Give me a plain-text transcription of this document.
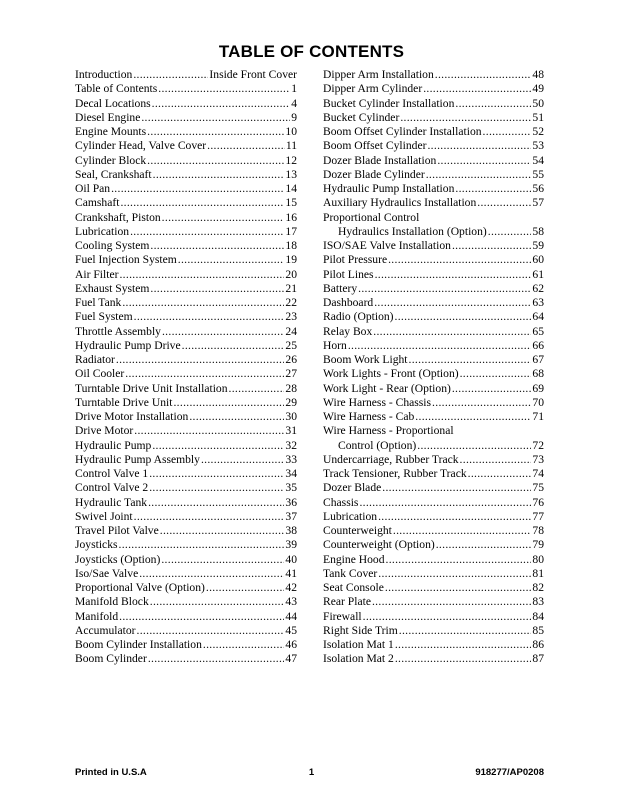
TABLE OF CONTENTS
Introduction .....	Inside Front Cover
Table of Contents .....	1
Decal Locations .....	4
Diesel Engine .....	9
Engine Mounts .....	10
Cylinder Head, Valve Cover .....	11
Cylinder Block .....	12
Seal, Crankshaft .....	13
Oil Pan .....	14
Camshaft .....	15
Crankshaft, Piston .....	16
Lubrication .....	17
Cooling System .....	18
Fuel Injection System .....	19
Air Filter .....	20
Exhaust System .....	21
Fuel Tank .....	22
Fuel System .....	23
Throttle Assembly .....	24
Hydraulic Pump Drive .....	25
Radiator .....	26
Oil Cooler .....	27
Turntable Drive Unit Installation .....	28
Turntable Drive Unit .....	29
Drive Motor Installation .....	30
Drive Motor .....	31
Hydraulic Pump .....	32
Hydraulic Pump Assembly .....	33
Control Valve 1 .....	34
Control Valve 2 .....	35
Hydraulic Tank .....	36
Swivel Joint .....	37
Travel Pilot Valve .....	38
Joysticks .....	39
Joysticks (Option) .....	40
Iso/Sae Valve .....	41
Proportional Valve (Option) .....	42
Manifold Block .....	43
Manifold .....	44
Accumulator .....	45
Boom Cylinder Installation .....	46
Boom Cylinder .....	47
Dipper Arm Installation .....	48
Dipper Arm Cylinder .....	49
Bucket Cylinder Installation .....	50
Bucket Cylinder .....	51
Boom Offset Cylinder Installation .....	52
Boom Offset Cylinder .....	53
Dozer Blade Installation .....	54
Dozer Blade Cylinder .....	55
Hydraulic Pump Installation .....	56
Auxiliary Hydraulics Installation .....	57
Proportional Control
Hydraulics Installation (Option) .....	58
ISO/SAE Valve Installation .....	59
Pilot Pressure .....	60
Pilot Lines .....	61
Battery .....	62
Dashboard .....	63
Radio (Option) .....	64
Relay Box .....	65
Horn .....	66
Boom Work Light .....	67
Work Lights - Front (Option) .....	68
Work Light - Rear (Option) .....	69
Wire Harness - Chassis .....	70
Wire Harness - Cab .....	71
Wire Harness - Proportional
Control (Option) .....	72
Undercarriage, Rubber Track .....	73
Track Tensioner, Rubber Track .....	74
Dozer Blade .....	75
Chassis .....	76
Lubrication .....	77
Counterweight .....	78
Counterweight (Option) .....	79
Engine Hood .....	80
Tank Cover .....	81
Seat Console .....	82
Rear Plate .....	83
Firewall .....	84
Right Side Trim .....	85
Isolation Mat 1 .....	86
Isolation Mat 2 .....	87
Printed in U.S.A	1	918277/AP0208
